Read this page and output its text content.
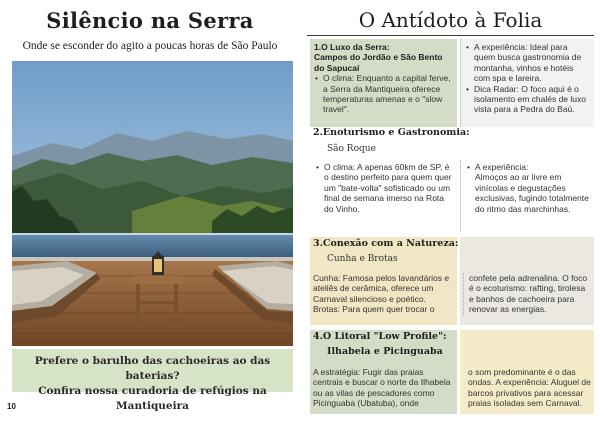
Silêncio na Serra
Onde se esconder do agito a poucas horas de São Paulo
Prefere o barulho das cachoeiras ao das baterias?
Confira nossa curadoria de refúgios na Mantiqueira
10
O Antídoto à Folia
1.O Luxo da Serra:
Campos do Jordão e São Bento do Sapucaí
• O clima: Enquanto a capital ferve, a Serra da Mantiqueira oferece temperaturas amenas e o "slow travel".
• A experiência: Ideal para quem busca gastronomia de montanha, vinhos e hotéis com spa e lareira.
• Dica Radar: O foco aqui é o isolamento em chalés de luxo vista para a Pedra do Baú.
2.Enoturismo e Gastronomia:
São Roque
• O clima: A apenas 60km de SP, é o destino perfeito para quem quer um "bate-volta" sofisticado ou um final de semana imerso na Rota do Vinho.
• A experiência:
Almoços ao ar livre em vinícolas e degustações exclusivas, fugindo totalmente do ritmo das marchinhas.
3.Conexão com a Natureza:
Cunha e Brotas
Cunha: Famosa pelos lavandários e ateliês de cerâmica, oferece um Carnaval silencioso e poético. Brotas: Para quem quer trocar o
confete pela adrenalina. O foco é o ecoturismo: rafting, tirolesa e banhos de cachoeira para renovar as energias.
4.O Litoral "Low Profile":
Ilhabela e Picinguaba
A estratégia: Fugir das praias centrais e buscar o norte da Ilhabela ou as vilas de pescadores como Picinguaba (Ubatuba), onde
o som predominante é o das ondas. A experiência: Aluguel de barcos privativos para acessar praias isoladas sem Carnaval.
